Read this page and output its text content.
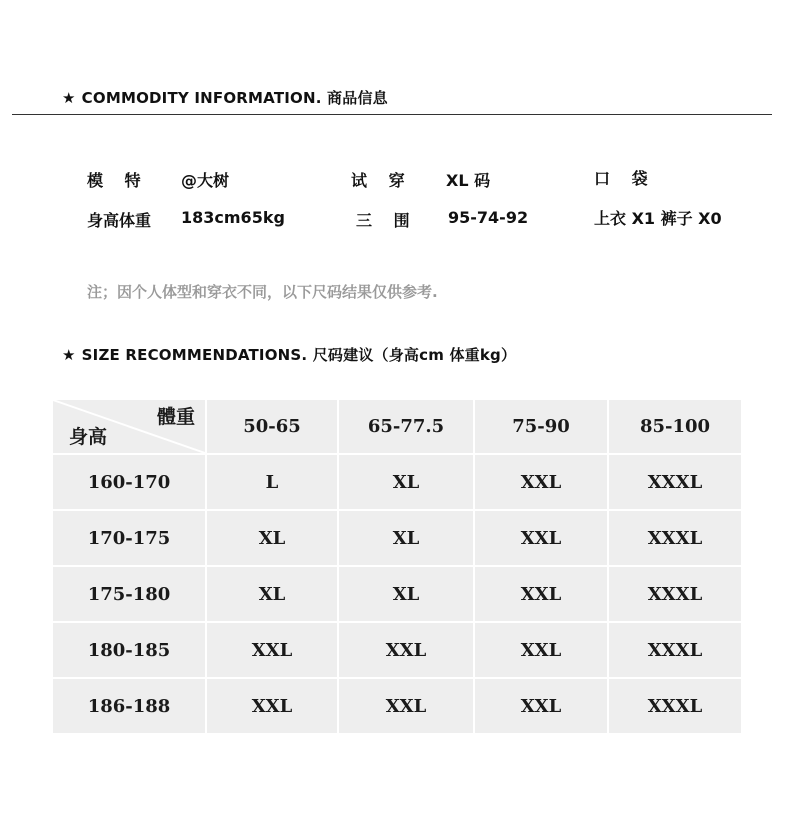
★ COMMODITY INFORMATION. 商品信息
模　 特	@大树	试　 穿	XL 码	口　 袋
身高体重 183cm65kg	三　 围 95-74-92	上衣 X1 裤子 X0
注；因个人体型和穿衣不同，以下尺码结果仅供参考.
★ SIZE RECOMMENDATIONS. 尺码建议（身高cm 体重kg）
體重
身高	50-65	65-77.5	75-90	85-100
160-170	L	XL	XXL	XXXL
170-175	XL	XL	XXL	XXXL
175-180	XL	XL	XXL	XXXL
180-185	XXL	XXL	XXL	XXXL
186-188	XXL	XXL	XXL	XXXL
